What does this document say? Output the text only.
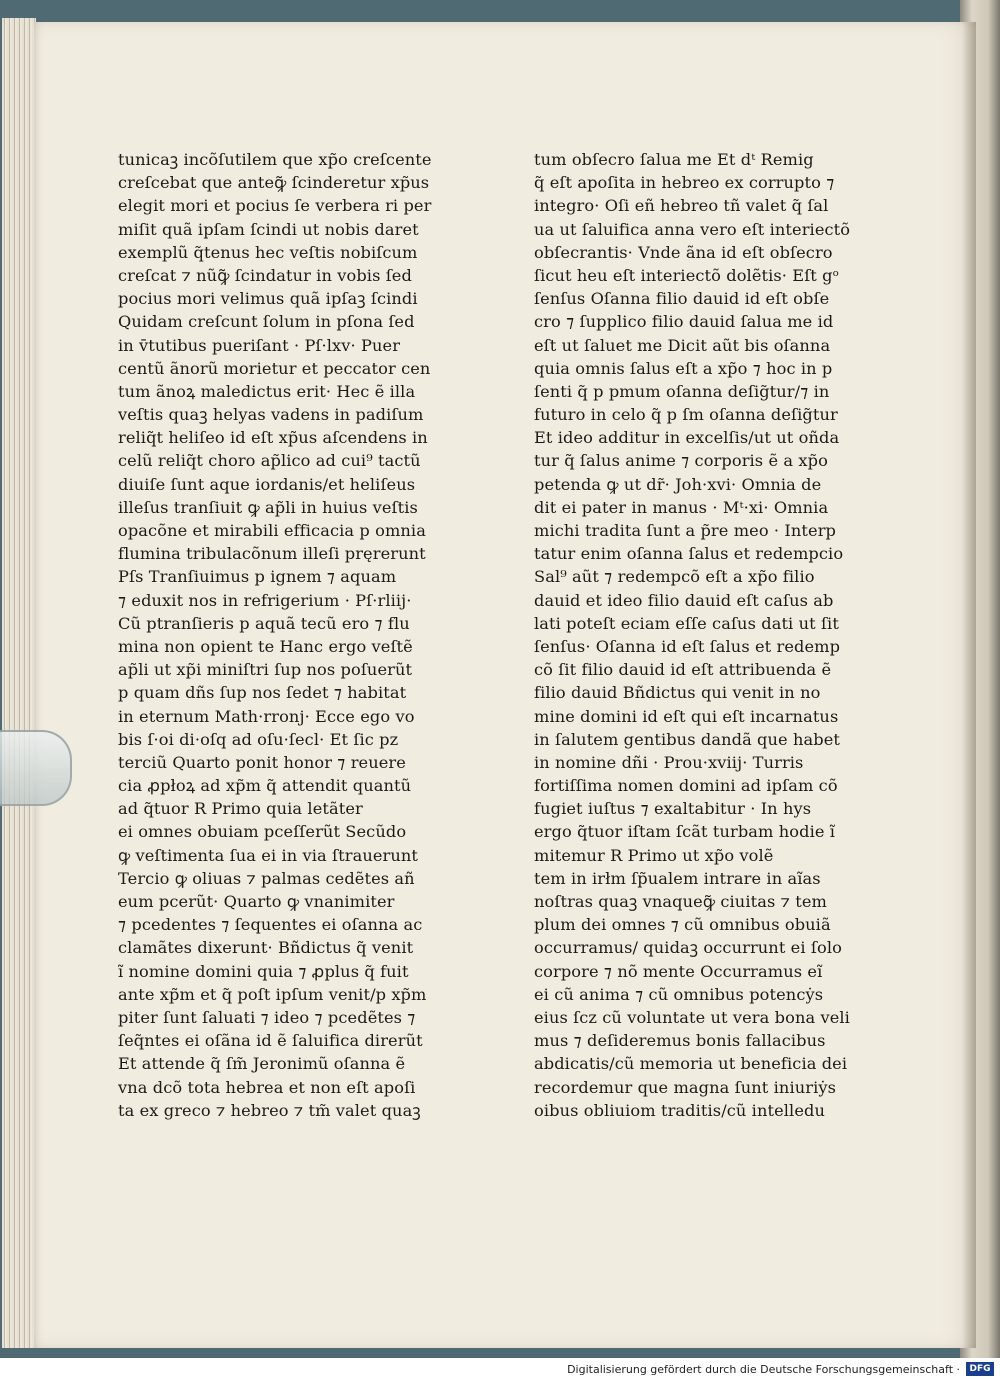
tunicaꝫ incõſutilem que xp̃o creſcente
creſcebat que anteꝙ̃ ſcinderetur xp̃us
elegit mori et pocius ſe verbera ri per
miſit quã ipſam ſcindi ut nobis daret
exemplũ q̃tenus hec veſtis nobiſcum
creſcat ⁊ nũꝙ̃ ſcindatur in vobis ſed
pocius mori velimus quã ipſaꝫ ſcindi
Quidam creſcunt ſolum in pſona ſed
in v̄tutibus pueriſant · Pſ·lxv· Puer
centũ ãnorũ morietur et peccator cen
tum ãnoꝝ maledictus erit· Hec ẽ illa
veſtis quaꝫ helyas vadens in padiſum
reliq̃t heliſeo id eſt xp̃us aſcendens in
celũ reliq̃t choro ap̃lico ad cui⁹ tactũ
diuiſe ſunt aque iordanis/et heliſeus
illeſus tranſiuit ꝙ ap̃li in huius veſtis
opacõne et mirabili efficacia p omnia
flumina tribulacõnum illeſi pręrerunt
Pſs Tranſiuimus p ignem ⁊ aquam
⁊ eduxit nos in refrigerium · Pſ·rliij·
Cũ ptranſieris p aquã tecũ ero ⁊ flu
mina non opient te Hanc ergo veſtẽ
ap̃li ut xp̃i miniſtri ſup nos poſuerũt
p quam dñs ſup nos ſedet ⁊ habitat
in eternum Math·rronj· Ecce ego vo
bis ſ·oi di·oſq ad oſu·ſecl· Et ſic pz
terciũ Quarto ponit honor ⁊ reuere
cia ꝓpłoꝝ ad xp̃m q̃ attendit quantũ
ad q̃tuor R Primo quia letãter
ei omnes obuiam pceſſerũt Secũdo
ꝙ veſtimenta ſua ei in via ſtrauerunt
Tercio ꝙ oliuas ⁊ palmas cedẽtes añ
eum pcerũt· Quarto ꝙ vnanimiter
⁊ pcedentes ⁊ ſequentes ei oſanna ac
clamãtes dixerunt· Bñdictus q̃ venit
ĩ nomine domini quia ⁊ ꝓplus q̃ fuit
ante xp̃m et q̃ poſt ipſum venit/p xp̃m
piter ſunt ſaluati ⁊ ideo ⁊ pcedẽtes ⁊
ſeq̃ntes ei oſãna id ẽ ſaluifica direrũt
Et attende q̃ ſm̃ Jeronimũ oſanna ẽ
vna dcõ tota hebrea et non eſt apoſi
ta ex greco ⁊ hebreo ⁊ tm̃ valet quaꝫ
tum obſecro ſalua me Et dᵗ Remig
q̃ eſt apoſita in hebreo ex corrupto ⁊
integro· Oſi eñ hebreo tñ valet q̃ ſal
ua ut ſaluifica anna vero eſt interiectõ
obſecrantis· Vnde ãna id eſt obſecro
ſicut heu eſt interiectõ dolẽtis· Eſt gᵒ
ſenſus Oſanna filio dauid id eſt obſe
cro ⁊ ſupplico filio dauid ſalua me id
eſt ut ſaluet me Dicit aũt bis oſanna
quia omnis ſalus eſt a xp̃o ⁊ hoc in p
ſenti q̃ p pmum oſanna deſig̃tur/⁊ in
futuro in celo q̃ p ſm oſanna deſig̃tur
Et ideo additur in excelſis/ut ut oñda
tur q̃ ſalus anime ⁊ corporis ẽ a xp̃o
petenda ꝙ ut dr̃· Joh·xvi· Omnia de
dit ei pater in manus · Mᵗ·xi· Omnia
michi tradita ſunt a p̃re meo · Interp
tatur enim oſanna ſalus et redempcio
Sal⁹ aũt ⁊ redempcõ eſt a xp̃o filio
dauid et ideo filio dauid eſt caſus ab
lati poteſt eciam eſſe caſus dati ut ſit
ſenſus· Oſanna id eſt ſalus et redemp
cõ ſit filio dauid id eſt attribuenda ẽ
filio dauid Bñdictus qui venit in no
mine domini id eſt qui eſt incarnatus
in ſalutem gentibus dandã que habet
in nomine dñi · Prou·xviij· Turris
fortiſſima nomen domini ad ipſam cõ
fugiet iuſtus ⁊ exaltabitur · In hys
ergo q̃tuor iſtam ſcãt turbam hodie ĩ
mitemur R Primo ut xp̃o volẽ
tem in irłm ſp̃ualem intrare in aĩas
noſtras quaꝫ vnaqueꝙ̃ ciuitas ⁊ tem
plum dei omnes ⁊ cũ omnibus obuiã
occurramus/ quidaꝫ occurrunt ei ſolo
corpore ⁊ nõ mente Occurramus eĩ
ei cũ anima ⁊ cũ omnibus potencẏs
eius ſcz cũ voluntate ut vera bona veli
mus ⁊ deſideremus bonis fallacibus
abdicatis/cũ memoria ut beneficia dei
recordemur que magna ſunt iniuriẏs
oibus obliuiom traditis/cũ intelledu
Digitalisierung gefördert durch die Deutsche Forschungsgemeinschaft ·	DFG
